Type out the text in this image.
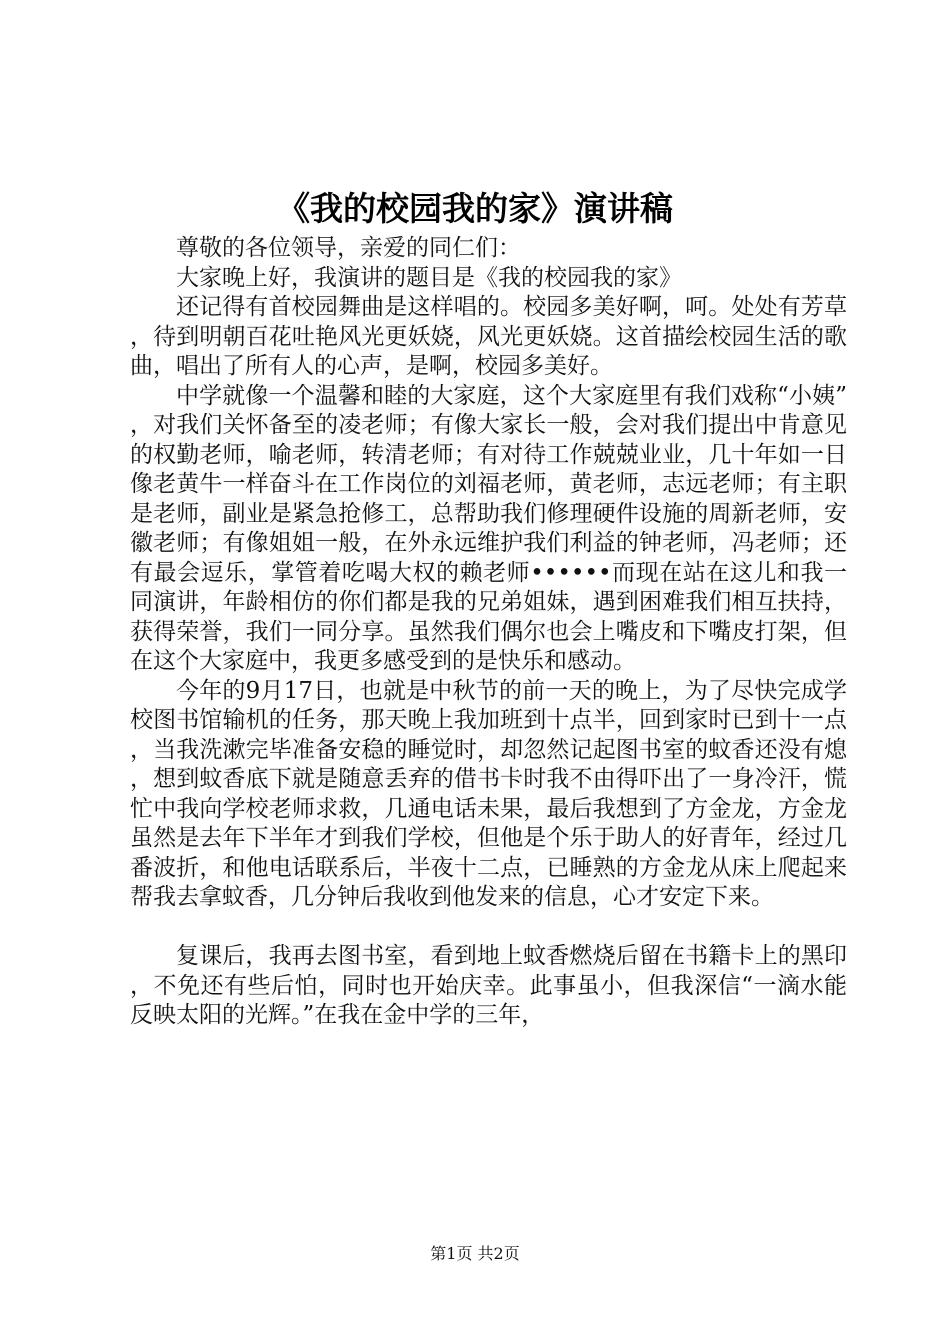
《我的校园我的家》演讲稿

尊敬的各位领导，亲爱的同仁们：

大家晚上好，我演讲的题目是《我的校园我的家》

还记得有首校园舞曲是这样唱的。校园多美好啊，呵。处处有芳草，待到明朝百花吐艳风光更妖娆，风光更妖娆。这首描绘校园生活的歌曲，唱出了所有人的心声，是啊，校园多美好。

中学就像一个温馨和睦的大家庭，这个大家庭里有我们戏称“小姨”，对我们关怀备至的凌老师；有像大家长一般，会对我们提出中肯意见的权勤老师，喻老师，转清老师；有对待工作兢兢业业，几十年如一日像老黄牛一样奋斗在工作岗位的刘福老师，黄老师，志远老师；有主职是老师，副业是紧急抢修工，总帮助我们修理硬件设施的周新老师，安徽老师；有像姐姐一般，在外永远维护我们利益的钟老师，冯老师；还有最会逗乐，掌管着吃喝大权的赖老师••••••而现在站在这儿和我一同演讲，年龄相仿的你们都是我的兄弟姐妹，遇到困难我们相互扶持，获得荣誉，我们一同分享。虽然我们偶尔也会上嘴皮和下嘴皮打架，但在这个大家庭中，我更多感受到的是快乐和感动。

今年的9月17日，也就是中秋节的前一天的晚上，为了尽快完成学校图书馆输机的任务，那天晚上我加班到十点半，回到家时已到十一点，当我洗漱完毕准备安稳的睡觉时，却忽然记起图书室的蚊香还没有熄，想到蚊香底下就是随意丢弃的借书卡时我不由得吓出了一身冷汗，慌忙中我向学校老师求救，几通电话未果，最后我想到了方金龙，方金龙虽然是去年下半年才到我们学校，但他是个乐于助人的好青年，经过几番波折，和他电话联系后，半夜十二点，已睡熟的方金龙从床上爬起来帮我去拿蚊香，几分钟后我收到他发来的信息，心才安定下来。

复课后，我再去图书室，看到地上蚊香燃烧后留在书籍卡上的黑印，不免还有些后怕，同时也开始庆幸。此事虽小，但我深信“一滴水能反映太阳的光辉。”在我在金中学的三年，

第1页 共2页
